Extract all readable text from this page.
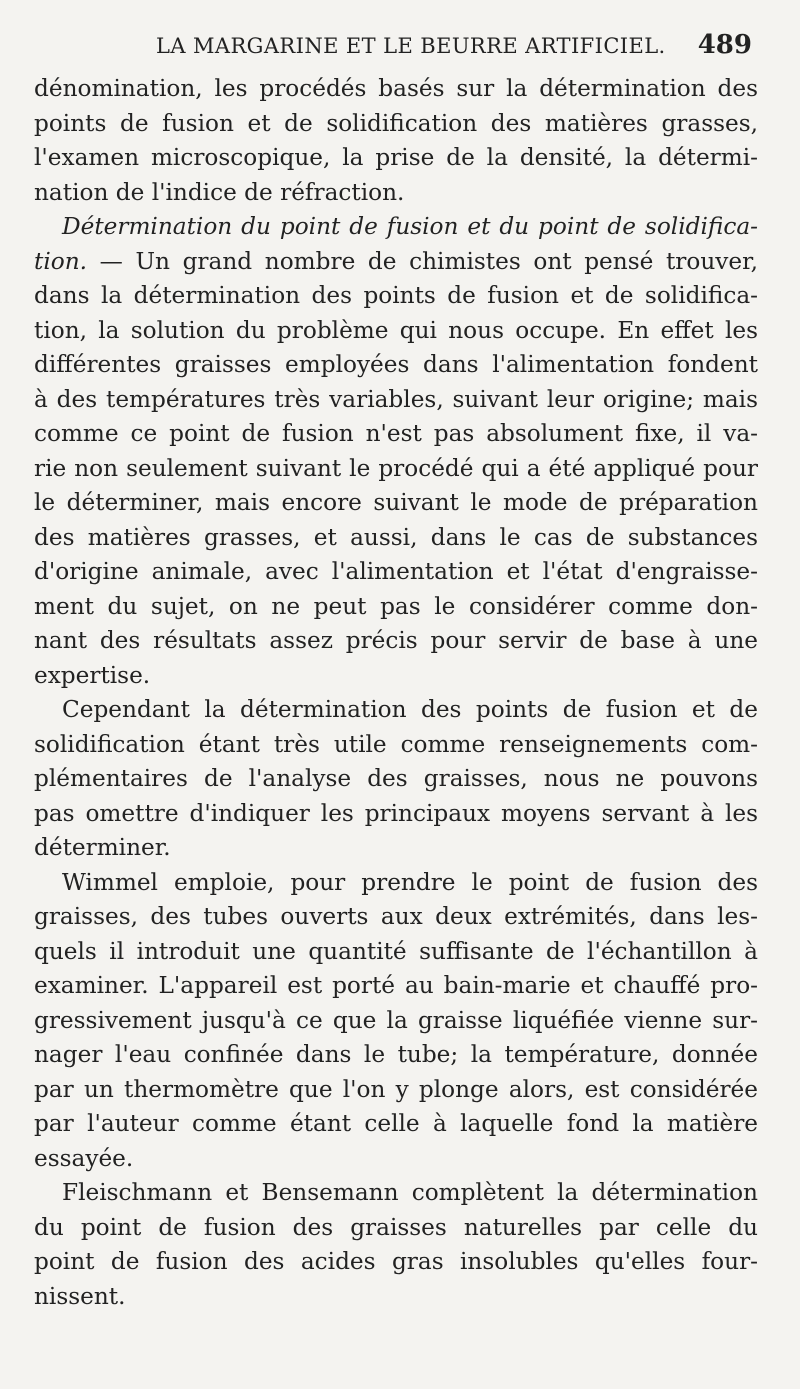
LA MARGARINE ET LE BEURRE ARTIFICIEL. 489
dénomination, les procédés basés sur la détermination des
points de fusion et de solidification des matières grasses,
l'examen microscopique, la prise de la densité, la détermi-
nation de l'indice de réfraction.
Détermination du point de fusion et du point de solidifica-
tion. — Un grand nombre de chimistes ont pensé trouver,
dans la détermination des points de fusion et de solidifica-
tion, la solution du problème qui nous occupe. En effet les
différentes graisses employées dans l'alimentation fondent
à des températures très variables, suivant leur origine; mais
comme ce point de fusion n'est pas absolument fixe, il va-
rie non seulement suivant le procédé qui a été appliqué pour
le déterminer, mais encore suivant le mode de préparation
des matières grasses, et aussi, dans le cas de substances
d'origine animale, avec l'alimentation et l'état d'engraisse-
ment du sujet, on ne peut pas le considérer comme don-
nant des résultats assez précis pour servir de base à une
expertise.
Cependant la détermination des points de fusion et de
solidification étant très utile comme renseignements com-
plémentaires de l'analyse des graisses, nous ne pouvons
pas omettre d'indiquer les principaux moyens servant à les
déterminer.
Wimmel emploie, pour prendre le point de fusion des
graisses, des tubes ouverts aux deux extrémités, dans les-
quels il introduit une quantité suffisante de l'échantillon à
examiner. L'appareil est porté au bain-marie et chauffé pro-
gressivement jusqu'à ce que la graisse liquéfiée vienne sur-
nager l'eau confinée dans le tube; la température, donnée
par un thermomètre que l'on y plonge alors, est considérée
par l'auteur comme étant celle à laquelle fond la matière
essayée.
Fleischmann et Bensemann complètent la détermination
du point de fusion des graisses naturelles par celle du
point de fusion des acides gras insolubles qu'elles four-
nissent.
